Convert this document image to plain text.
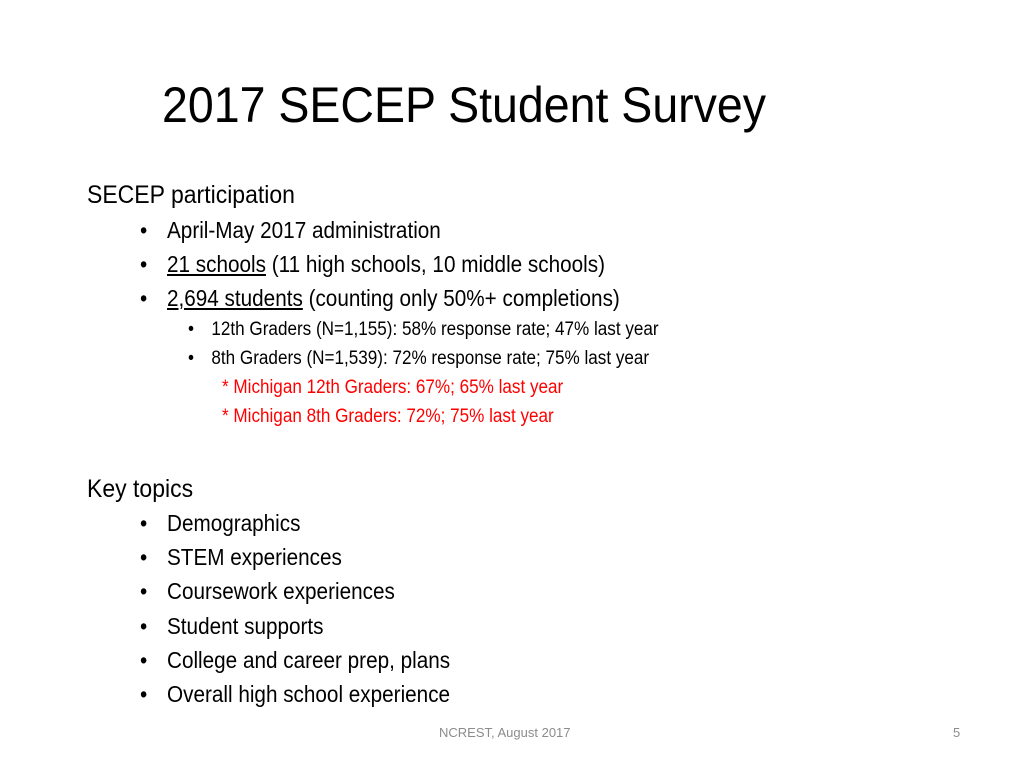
2017 SECEP Student Survey
SECEP participation
• April-May 2017 administration
• 21 schools (11 high schools, 10 middle schools)
• 2,694 students (counting only 50%+ completions)
• 12th Graders (N=1,155): 58% response rate; 47% last year
• 8th Graders (N=1,539): 72% response rate; 75% last year
* Michigan 12th Graders: 67%; 65% last year
* Michigan 8th Graders: 72%; 75% last year
Key topics
• Demographics
• STEM experiences
• Coursework experiences
• Student supports
• College and career prep, plans
• Overall high school experience
NCREST, August 2017	5
